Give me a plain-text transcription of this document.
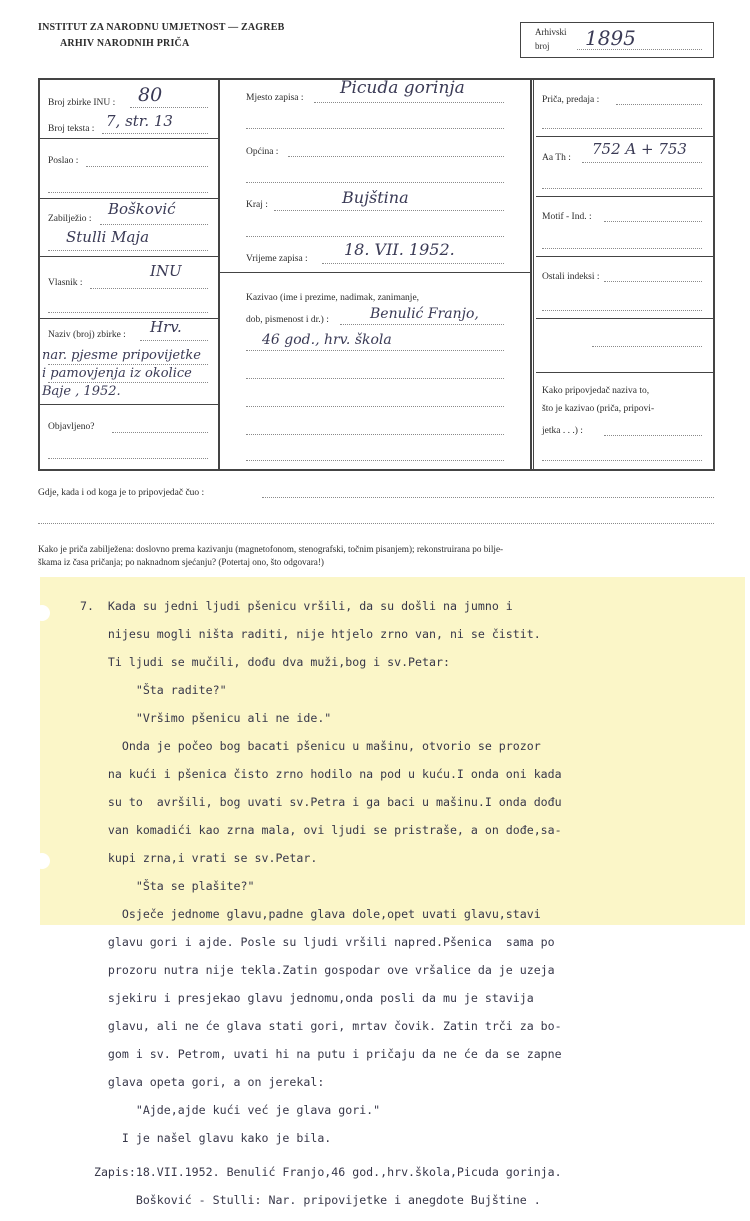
INSTITUT ZA NARODNU UMJETNOST — ZAGREB
ARHIV NARODNIH PRIČA
Arhivski
broj 1895
Broj zbirke INU : 80
Broj teksta : 7, str. 13
Poslao :
Zabilježio :
Bošković
Stulli Maja
Vlasnik :
INU
Naziv (broj) zbirke : Hrv.
nar. pjesme pripovijetke
i pamovjenja iz okolice
Baje , 1952.
Objavljeno?
Mjesto zapisa : Picuda gorinja
Općina :
Kraj :	Bujština
Vrijeme zapisa : 18. VII. 1952.
Kazivao (ime i prezime, nadimak, zanimanje,
dob, pismenost i dr.) :	Benulić Franjo,
46 god., hrv. škola
Priča, predaja :
Aa Th : 752 A + 753
Motif - Ind. :
Ostali indeksi :
Kako pripovjedač naziva to,
što je kazivao (priča, pripovi-
jetka . . .) :
Gdje, kada i od koga je to pripovjedač čuo :
Kako je priča zabilježena: doslovno prema kazivanju (magnetofonom, stenografski, točnim pisanjem); rekonstruirana po bilje-
škama iz časa pričanja; po naknadnom sjećanju? (Potertaj ono, što odgovara!)

7.  Kada su jedni ljudi pšenicu vršili, da su došli na jumno i

nijesu mogli ništa raditi, nije htjelo zrno van, ni se čistit.

Ti ljudi se mučili, dođu dva muži,bog i sv.Petar:

"Šta radite?"

"Vršimo pšenicu ali ne ide."

Onda je počeo bog bacati pšenicu u mašinu, otvorio se prozor

na kući i pšenica čisto zrno hodilo na pod u kuću.I onda oni kada

su to  avršili, bog uvati sv.Petra i ga baci u mašinu.I onda dođu

van komadići kao zrna mala, ovi ljudi se pristraše, a on dođe,sa-

kupi zrna,i vrati se sv.Petar.

"Šta se plašite?"

Osječe jednome glavu,padne glava dole,opet uvati glavu,stavi

glavu gori i ajde. Posle su ljudi vršili napred.Pšenica  sama po

prozoru nutra nije tekla.Zatin gospodar ove vršalice da je uzeja

sjekiru i presjekao glavu jednomu,onda posli da mu je stavija

glavu, ali ne će glava stati gori, mrtav čovik. Zatin trči za bo-

gom i sv. Petrom, uvati hi na putu i pričaju da ne će da se zapne

glava opeta gori, a on jerekal:

"Ajde,ajde kući već je glava gori."

I je našel glavu kako je bila.

Zapis:18.VII.1952. Benulić Franjo,46 god.,hrv.škola,Picuda gorinja.

Bošković - Stulli: Nar. pripovijetke i anegdote Bujštine .
